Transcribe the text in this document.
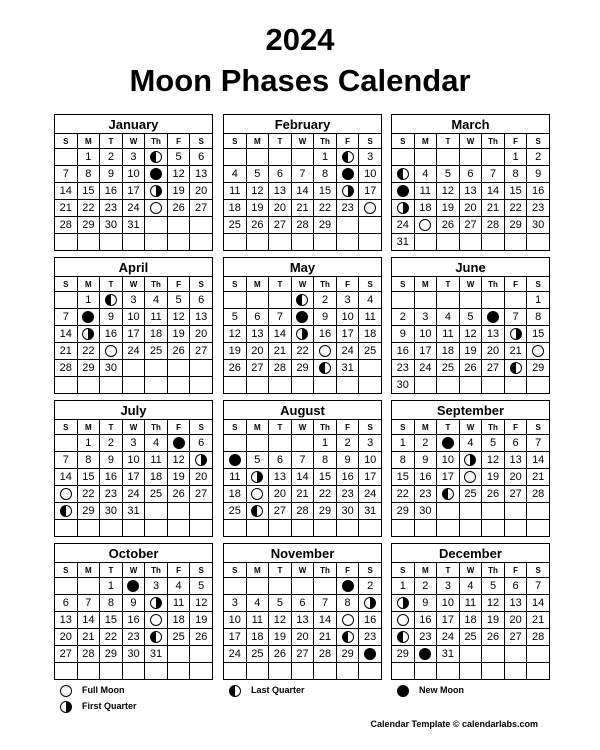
2024
Moon Phases Calendar
January						
S	M	T	W	Th	F	S
	1	2	3		5	6
7	8	9	10		12	13
14	15	16	17		19	20
21	22	23	24		26	27
28	29	30	31			

February						
S	M	T	W	Th	F	S
				1		3
4	5	6	7	8		10
11	12	13	14	15		17
18	19	20	21	22	23	
25	26	27	28	29		

March						
S	M	T	W	Th	F	S
					1	2
	4	5	6	7	8	9
	11	12	13	14	15	16
	18	19	20	21	22	23
24		26	27	28	29	30
31						
April						
S	M	T	W	Th	F	S
	1		3	4	5	6
7		9	10	11	12	13
14		16	17	18	19	20
21	22		24	25	26	27
28	29	30				

May						
S	M	T	W	Th	F	S
				2	3	4
5	6	7		9	10	11
12	13	14		16	17	18
19	20	21	22		24	25
26	27	28	29		31	

June						
S	M	T	W	Th	F	S
						1
2	3	4	5		7	8
9	10	11	12	13		15
16	17	18	19	20	21	
23	24	25	26	27		29
30						
July						
S	M	T	W	Th	F	S
	1	2	3	4		6
7	8	9	10	11	12	
14	15	16	17	18	19	20
	22	23	24	25	26	27
	29	30	31			

August						
S	M	T	W	Th	F	S
				1	2	3
	5	6	7	8	9	10
11		13	14	15	16	17
18		20	21	22	23	24
25		27	28	29	30	31

September						
S	M	T	W	Th	F	S
1	2		4	5	6	7
8	9	10		12	13	14
15	16	17		19	20	21
22	23		25	26	27	28
29	30					

October						
S	M	T	W	Th	F	S
		1		3	4	5
6	7	8	9		11	12
13	14	15	16		18	19
20	21	22	23		25	26
27	28	29	30	31		

November						
S	M	T	W	Th	F	S
						2
3	4	5	6	7	8	
10	11	12	13	14		16
17	18	19	20	21		23
24	25	26	27	28	29	

December						
S	M	T	W	Th	F	S
1	2	3	4	5	6	7
	9	10	11	12	13	14
	16	17	18	19	20	21
	23	24	25	26	27	28
29		31				

Full Moon	Last Quarter	New Moon
First Quarter
Calendar Template © calendarlabs.com
